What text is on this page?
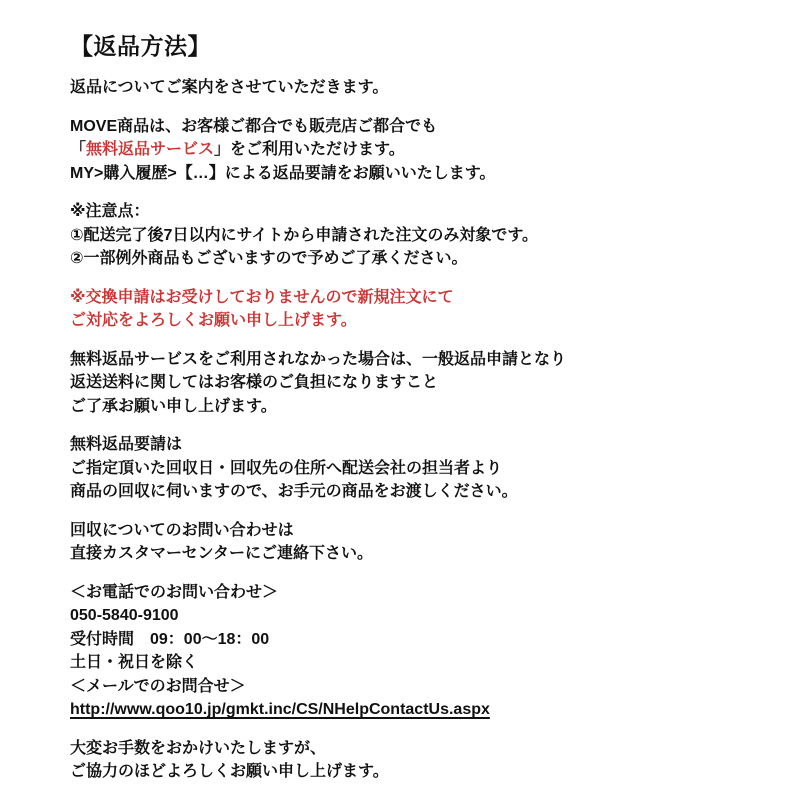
【返品方法】

返品についてご案内をさせていただきます。

MOVE商品は、お客様ご都合でも販売店ご都合でも
「無料返品サービス」をご利用いただけます。
MY>購入履歴>【…】による返品要請をお願いいたします。

※注意点：
①配送完了後7日以内にサイトから申請された注文のみ対象です。
②一部例外商品もございますので予めご了承ください。

※交換申請はお受けしておりませんので新規注文にて
ご対応をよろしくお願い申し上げます。

無料返品サービスをご利用されなかった場合は、一般返品申請となり
返送送料に関してはお客様のご負担になりますこと
ご了承お願い申し上げます。

無料返品要請は
ご指定頂いた回収日・回収先の住所へ配送会社の担当者より
商品の回収に伺いますので、お手元の商品をお渡しください。

回収についてのお問い合わせは
直接カスタマーセンターにご連絡下さい。

＜お電話でのお問い合わせ＞
050-5840-9100
受付時間　09：00～18：00
土日・祝日を除く
＜メールでのお問合せ＞
http://www.qoo10.jp/gmkt.inc/CS/NHelpContactUs.aspx

大変お手数をおかけいたしますが、
ご協力のほどよろしくお願い申し上げます。
